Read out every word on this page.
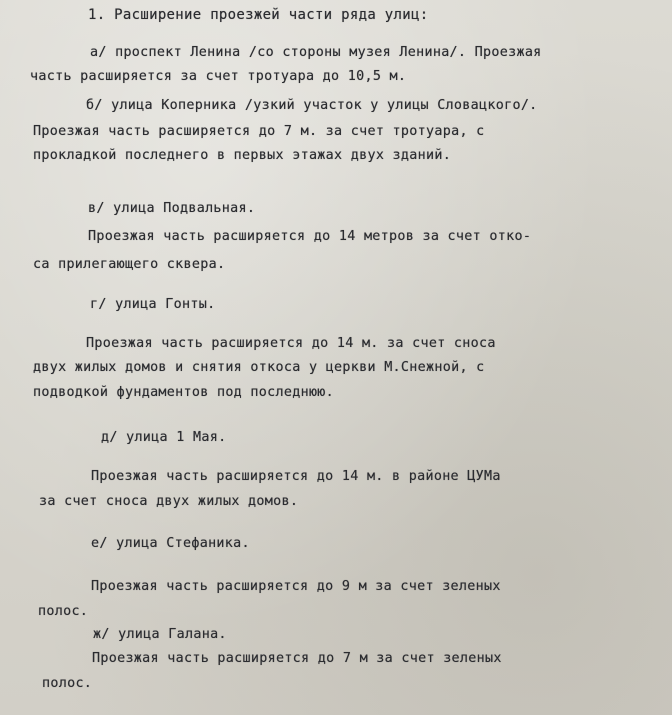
1. Расширение проезжей части ряда улиц:

а/ проспект Ленина /со стороны музея Ленина/. Проезжая

часть расширяется за счет тротуара до 10,5 м.

б/ улица Коперника /узкий участок у улицы Словацкого/.

Проезжая часть расширяется до 7 м. за счет тротуара, с

прокладкой последнего в первых этажах двух зданий.

в/ улица Подвальная.

Проезжая часть расширяется до 14 метров за счет отко-

са прилегающего сквера.

г/ улица Гонты.

Проезжая часть расширяется до 14 м. за счет сноса

двух жилых домов и снятия откоса у церкви М.Снежной, с

подводкой фундаментов под последнюю.

д/ улица 1 Мая.

Проезжая часть расширяется до 14 м. в районе ЦУМа

за счет сноса двух жилых домов.

е/ улица Стефаника.

Проезжая часть расширяется до 9 м за счет зеленых

полос.

ж/ улица Галана.

Проезжая часть расширяется до 7 м за счет зеленых

полос.
